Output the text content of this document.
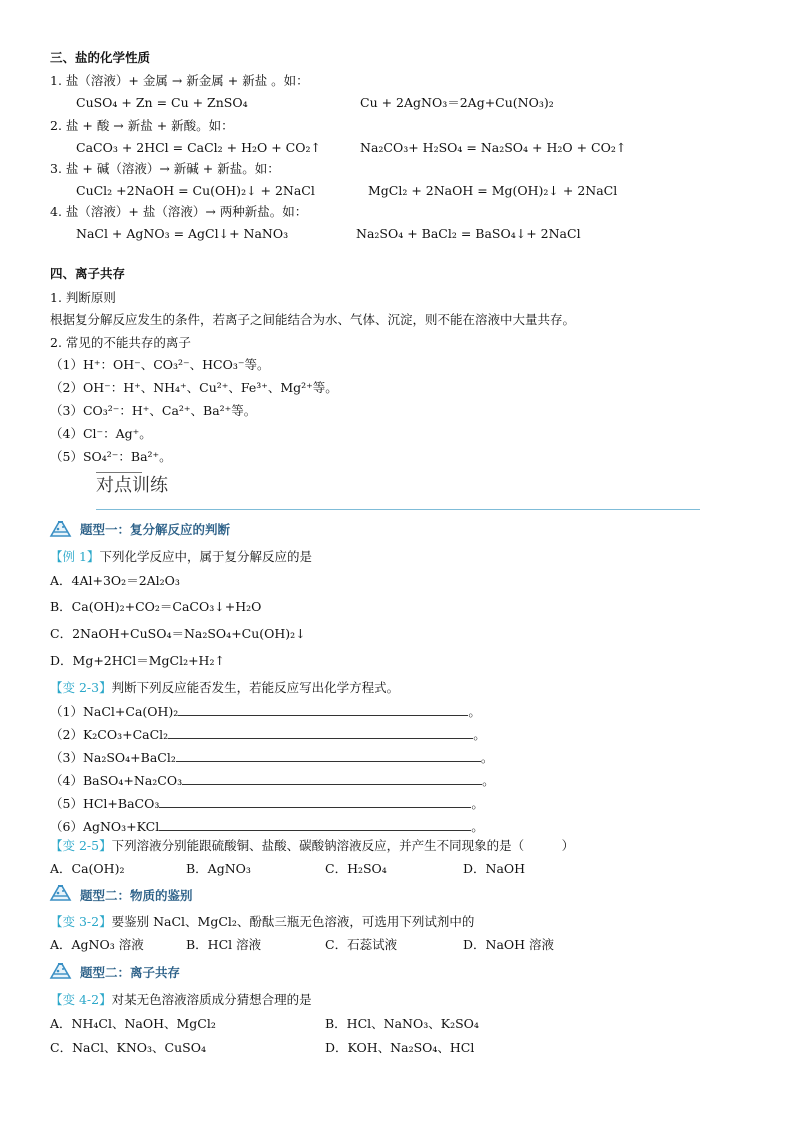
三、盐的化学性质
1. 盐（溶液）+ 金属 → 新金属 + 新盐 。如：
CuSO₄ + Zn = Cu + ZnSO₄	Cu + 2AgNO₃＝2Ag+Cu(NO₃)₂
2. 盐 + 酸 → 新盐 + 新酸。如：
CaCO₃ + 2HCl = CaCl₂ + H₂O + CO₂↑	Na₂CO₃+ H₂SO₄ = Na₂SO₄ + H₂O + CO₂↑
3. 盐 + 碱（溶液）→ 新碱 + 新盐。如：
CuCl₂ +2NaOH = Cu(OH)₂↓ + 2NaCl	MgCl₂ + 2NaOH = Mg(OH)₂↓ + 2NaCl
4. 盐（溶液）+ 盐（溶液）→ 两种新盐。如：
NaCl + AgNO₃ = AgCl↓+ NaNO₃	Na₂SO₄ + BaCl₂ = BaSO₄↓+ 2NaCl
四、离子共存
1. 判断原则
根据复分解反应发生的条件，若离子之间能结合为水、气体、沉淀，则不能在溶液中大量共存。
2. 常见的不能共存的离子
（1）H⁺：OH⁻、CO₃²⁻、HCO₃⁻等。
（2）OH⁻：H⁺、NH₄⁺、Cu²⁺、Fe³⁺、Mg²⁺等。
（3）CO₃²⁻：H⁺、Ca²⁺、Ba²⁺等。
（4）Cl⁻：Ag⁺。
（5）SO₄²⁻：Ba²⁺。
对点训练
题型一：复分解反应的判断
【例 1】下列化学反应中，属于复分解反应的是
A．4Al+3O₂＝2Al₂O₃
B．Ca(OH)₂+CO₂＝CaCO₃↓+H₂O
C．2NaOH+CuSO₄＝Na₂SO₄+Cu(OH)₂↓
D．Mg+2HCl＝MgCl₂+H₂↑
【变 2-3】判断下列反应能否发生，若能反应写出化学方程式。
（1）NaCl+Ca(OH)₂	。
（2）K₂CO₃+CaCl₂	。
（3）Na₂SO₄+BaCl₂	。
（4）BaSO₄+Na₂CO₃	。
（5）HCl+BaCO₃	。
（6）AgNO₃+KCl	。
【变 2-5】下列溶液分别能跟硫酸铜、盐酸、碳酸钠溶液反应，并产生不同现象的是（　　　）
A．Ca(OH)₂	B．AgNO₃	C．H₂SO₄	D．NaOH
题型二：物质的鉴别
【变 3-2】要鉴别 NaCl、MgCl₂、酚酞三瓶无色溶液，可选用下列试剂中的
A．AgNO₃ 溶液	B．HCl 溶液	C．石蕊试液	D．NaOH 溶液
题型二：离子共存
【变 4-2】对某无色溶液溶质成分猜想合理的是
A．NH₄Cl、NaOH、MgCl₂	B．HCl、NaNO₃、K₂SO₄
C．NaCl、KNO₃、CuSO₄	D．KOH、Na₂SO₄、HCl
